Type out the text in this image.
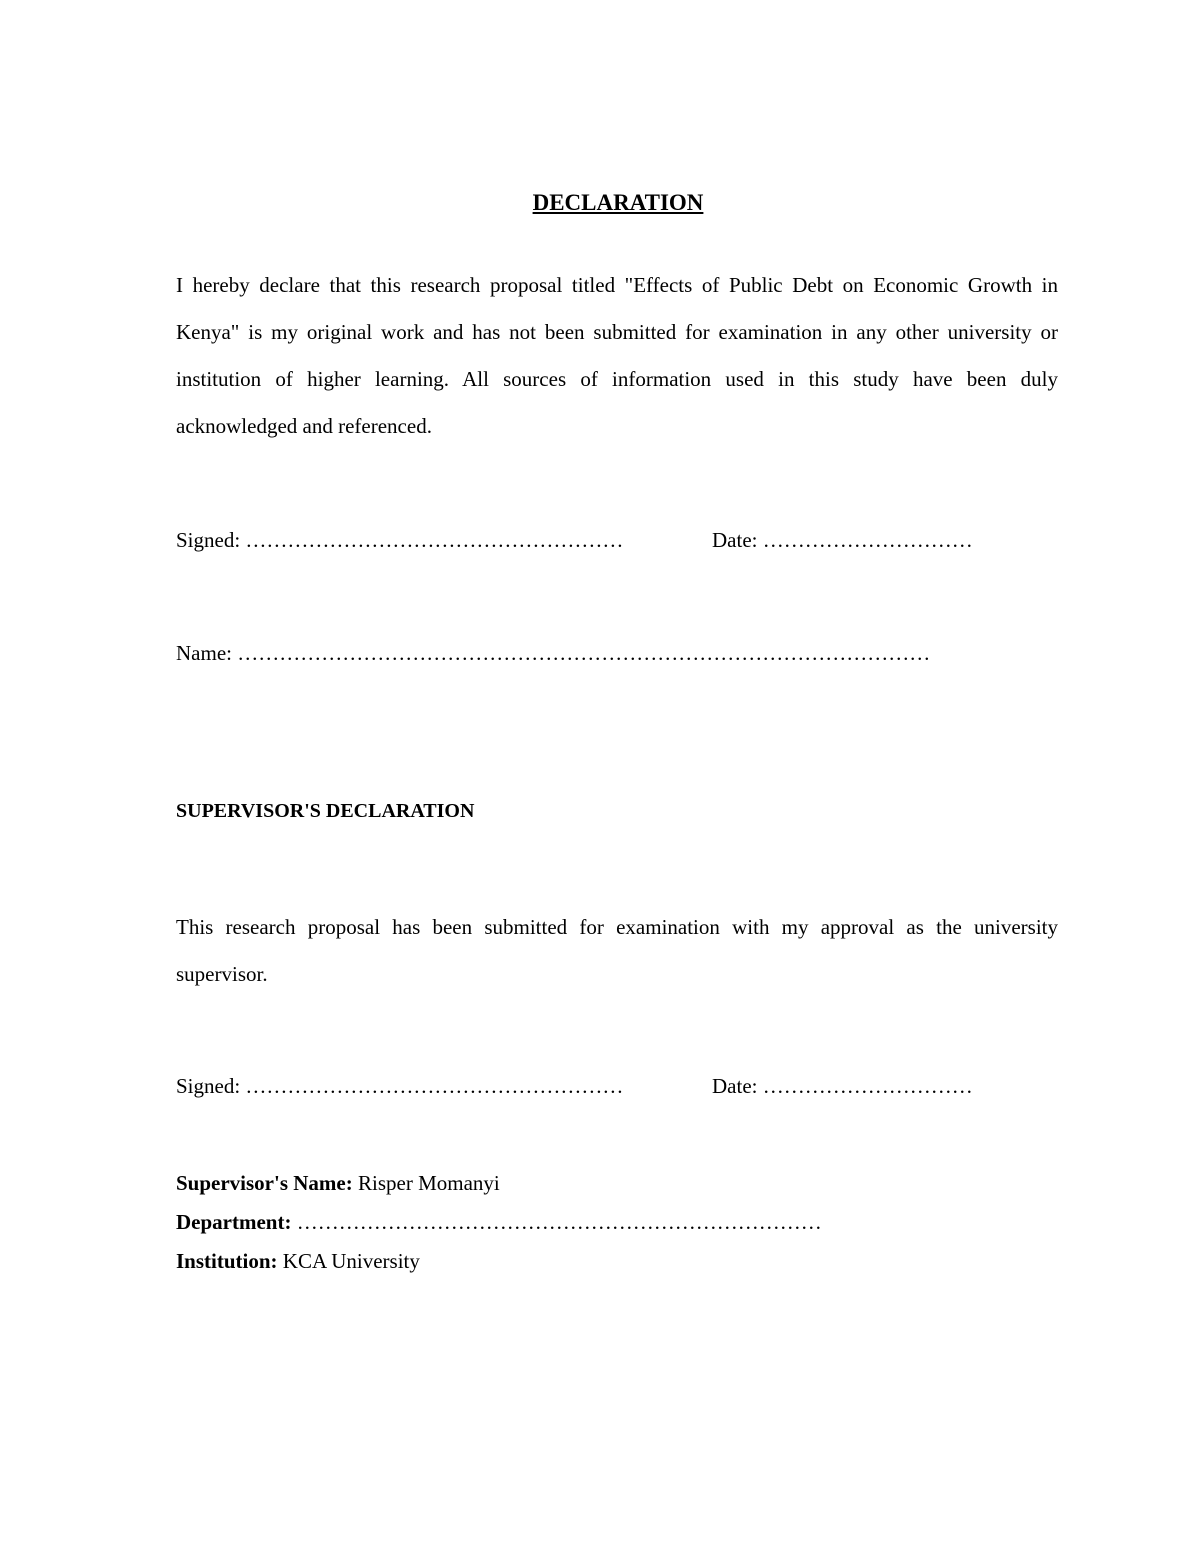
DECLARATION
I hereby declare that this research proposal titled "Effects of Public Debt on Economic Growth in Kenya" is my original work and has not been submitted for examination in any other university or institution of higher learning. All sources of information used in this study have been duly acknowledged and referenced.
Signed: ………………………………………………	Date: …………………………
Name: ………………………………………………………………………………………
SUPERVISOR'S DECLARATION
This research proposal has been submitted for examination with my approval as the university supervisor.
Signed: ………………………………………………	Date: …………………………
Supervisor's Name: Risper Momanyi
Department: …………………………………………………………………
Institution: KCA University
